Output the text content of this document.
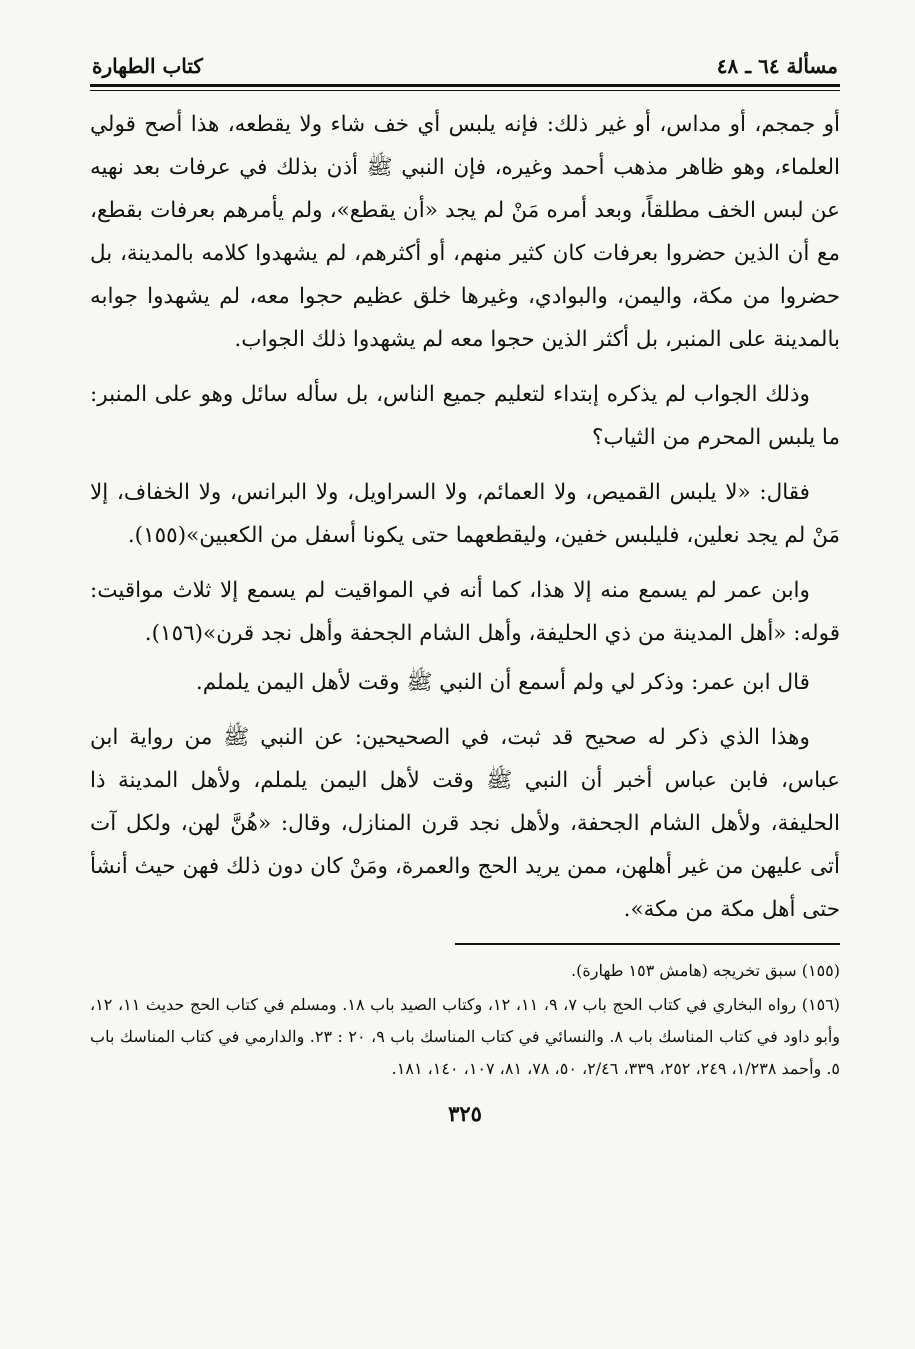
مسألة ٦٤ ـ ٤٨
كتاب الطهارة

أو جمجم، أو مداس، أو غير ذلك: فإنه يلبس أي خف شاء ولا يقطعه، هذا أصح قولي العلماء، وهو ظاهر مذهب أحمد وغيره، فإن النبي ﷺ أذن بذلك في عرفات بعد نهيه عن لبس الخف مطلقاً، وبعد أمره مَنْ لم يجد «أن يقطع»، ولم يأمرهم بعرفات بقطع، مع أن الذين حضروا بعرفات كان كثير منهم، أو أكثرهم، لم يشهدوا كلامه بالمدينة، بل حضروا من مكة، واليمن، والبوادي، وغيرها خلق عظيم حجوا معه، لم يشهدوا جوابه بالمدينة على المنبر، بل أكثر الذين حجوا معه لم يشهدوا ذلك الجواب.

وذلك الجواب لم يذكره إبتداء لتعليم جميع الناس، بل سأله سائل وهو على المنبر: ما يلبس المحرم من الثياب؟

فقال: «لا يلبس القميص، ولا العمائم، ولا السراويل، ولا البرانس، ولا الخفاف، إلا مَنْ لم يجد نعلين، فليلبس خفين، وليقطعهما حتى يكونا أسفل من الكعبين»(١٥٥).

وابن عمر لم يسمع منه إلا هذا، كما أنه في المواقيت لم يسمع إلا ثلاث مواقيت: قوله: «أهل المدينة من ذي الحليفة، وأهل الشام الجحفة وأهل نجد قرن»(١٥٦).

قال ابن عمر: وذكر لي ولم أسمع أن النبي ﷺ وقت لأهل اليمن يلملم.

وهذا الذي ذكر له صحيح قد ثبت، في الصحيحين: عن النبي ﷺ من رواية ابن عباس، فابن عباس أخبر أن النبي ﷺ وقت لأهل اليمن يلملم، ولأهل المدينة ذا الحليفة، ولأهل الشام الجحفة، ولأهل نجد قرن المنازل، وقال: «هُنَّ لهن، ولكل آت أتى عليهن من غير أهلهن، ممن يريد الحج والعمرة، ومَنْ كان دون ذلك فهن حيث أنشأ حتى أهل مكة من مكة».

(١٥٥) سبق تخريجه (هامش ١٥٣ طهارة).

(١٥٦) رواه البخاري في كتاب الحج باب ٧، ٩، ١١، ١٢، وكتاب الصيد باب ١٨. ومسلم في كتاب الحج حديث ١١، ١٢، وأبو داود في كتاب المناسك باب ٨. والنسائي في كتاب المناسك باب ٩، ٢٠ : ٢٣. والدارمي في كتاب المناسك باب ٥. وأحمد ١/٢٣٨، ٢٤٩، ٢٥٢، ٣٣٩، ٢/٤٦، ٥٠، ٧٨، ٨١، ١٠٧، ١٤٠، ١٨١.

٣٢٥
